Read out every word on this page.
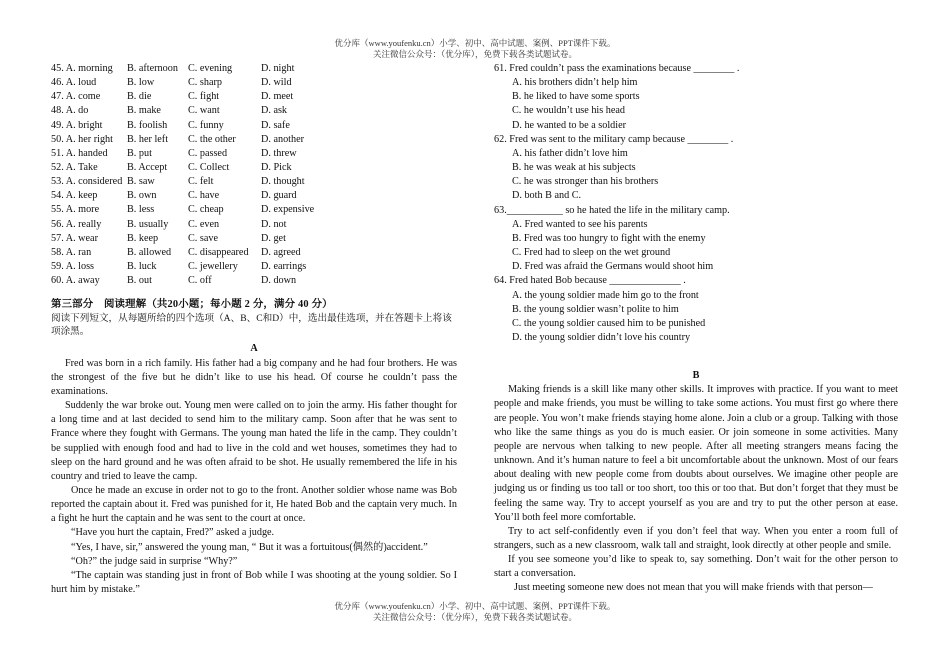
优分库（www.youfenku.cn）小学、初中、高中试题、案例、PPT课件下载。
关注微信公众号：（优分库），免费下载各类试题试卷。
45. A. morning	B. afternoon C. evening	D. night
46. A. loud	B. low	C. sharp	D. wild
47. A. come	B. die	C. fight	D. meet
48. A. do	B. make	C. want	D. ask
49. A. bright	B. foolish	C. funny	D. safe
50. A. her right	B. her left	C. the other	D. another
51. A. handed	B. put	C. passed	D. threw
52. A. Take	B. Accept	C. Collect	D. Pick
53. A. considered B. saw	C. felt	D. thought
54. A. keep	B. own	C. have	D. guard
55. A. more	B. less	C. cheap	D. expensive
56. A. really	B. usually	C. even	D. not
57. A. wear	B. keep	C. save	D. get
58. A. ran	B. allowed	C. disappeared	D. agreed
59. A. loss	B. luck	C. jewellery	D. earrings
60. A. away	B. out	C. off	D. down
第三部分　阅读理解（共20小题；每小题 2 分，满分 40 分）
阅读下列短文，从每题所给的四个选项（A、B、C和D）中，选出最佳选项，并在答题卡上将该项涂黑。
A

Fred was born in a rich family. His father had a big company and he had four brothers. He was the strongest of the five but he didn’t like to use his head. Of course he couldn’t pass the examinations.

Suddenly the war broke out. Young men were called on to join the army. His father thought for a long time and at last decided to send him to the military camp. Soon after that he was sent to France where they fought with Germans. The young man hated the life in the camp. They couldn’t be supplied with enough food and had to live in the cold and wet houses, sometimes they had to sleep on the hard ground and he was often afraid to be shot. He usually remembered the life in his country and tried to leave the camp.

Once he made an excuse in order not to go to the front. Another soldier whose name was Bob reported the captain about it. Fred was punished for it, He hated Bob and the captain very much. In a fight he hurt the captain and he was sent to the court at once.

“Have you hurt the captain, Fred?” asked a judge.

“Yes, I have, sir,” answered the young man, “ But it was a fortuitous(偶然的)accident.”

“Oh?” the judge said in surprise “Why?”

“The captain was standing just in front of Bob while I was shooting at the young soldier. So I hurt him by mistake.”

61. Fred couldn’t pass the examinations because ________ .

A. his brothers didn’t help him

B. he liked to have some sports

C. he wouldn’t use his head

D. he wanted to be a soldier

62. Fred was sent to the military camp because ________ .

A. his father didn’t love him

B. he was weak at his subjects

C. he was stronger than his brothers

D. both B and C.

63.___________ so he hated the life in the military camp.

A. Fred wanted to see his parents

B. Fred was too hungry to fight with the enemy

C. Fred had to sleep on the wet ground

D. Fred was afraid the Germans would shoot him

64. Fred hated Bob because ______________ .

A. the young soldier made him go to the front

B. the young soldier wasn’t polite to him

C. the young soldier caused him to be punished

D. the young soldier didn’t love his country

B

Making friends is a skill like many other skills. It improves with practice. If you want to meet people and make friends, you must be willing to take some actions. You must first go where there are people. You won’t make friends staying home alone. Join a club or a group. Talking with those who like the same things as you do is much easier. Or join someone in some activities. Many people are nervous when talking to new people. After all meeting strangers means facing the unknown. And it’s human nature to feel a bit uncomfortable about the unknown. Most of our fears about dealing with new people come from doubts about ourselves. We imagine other people are judging us or finding us too tall or too short, too this or too that. But don’t forget that they must be feeling the same way. Try to accept yourself as you are and try to put the other person at ease. You’ll both feel more comfortable.

Try to act self-confidently even if you don’t feel that way. When you enter a room full of strangers, such as a new classroom, walk tall and straight, look directly at other people and smile.

If you see someone you’d like to speak to, say something. Don’t wait for the other person to start a conversation.

Just meeting someone new does not mean that you will make friends with that person—

优分库（www.youfenku.cn）小学、初中、高中试题、案例、PPT课件下载。
关注微信公众号：（优分库），免费下载各类试题试卷。
